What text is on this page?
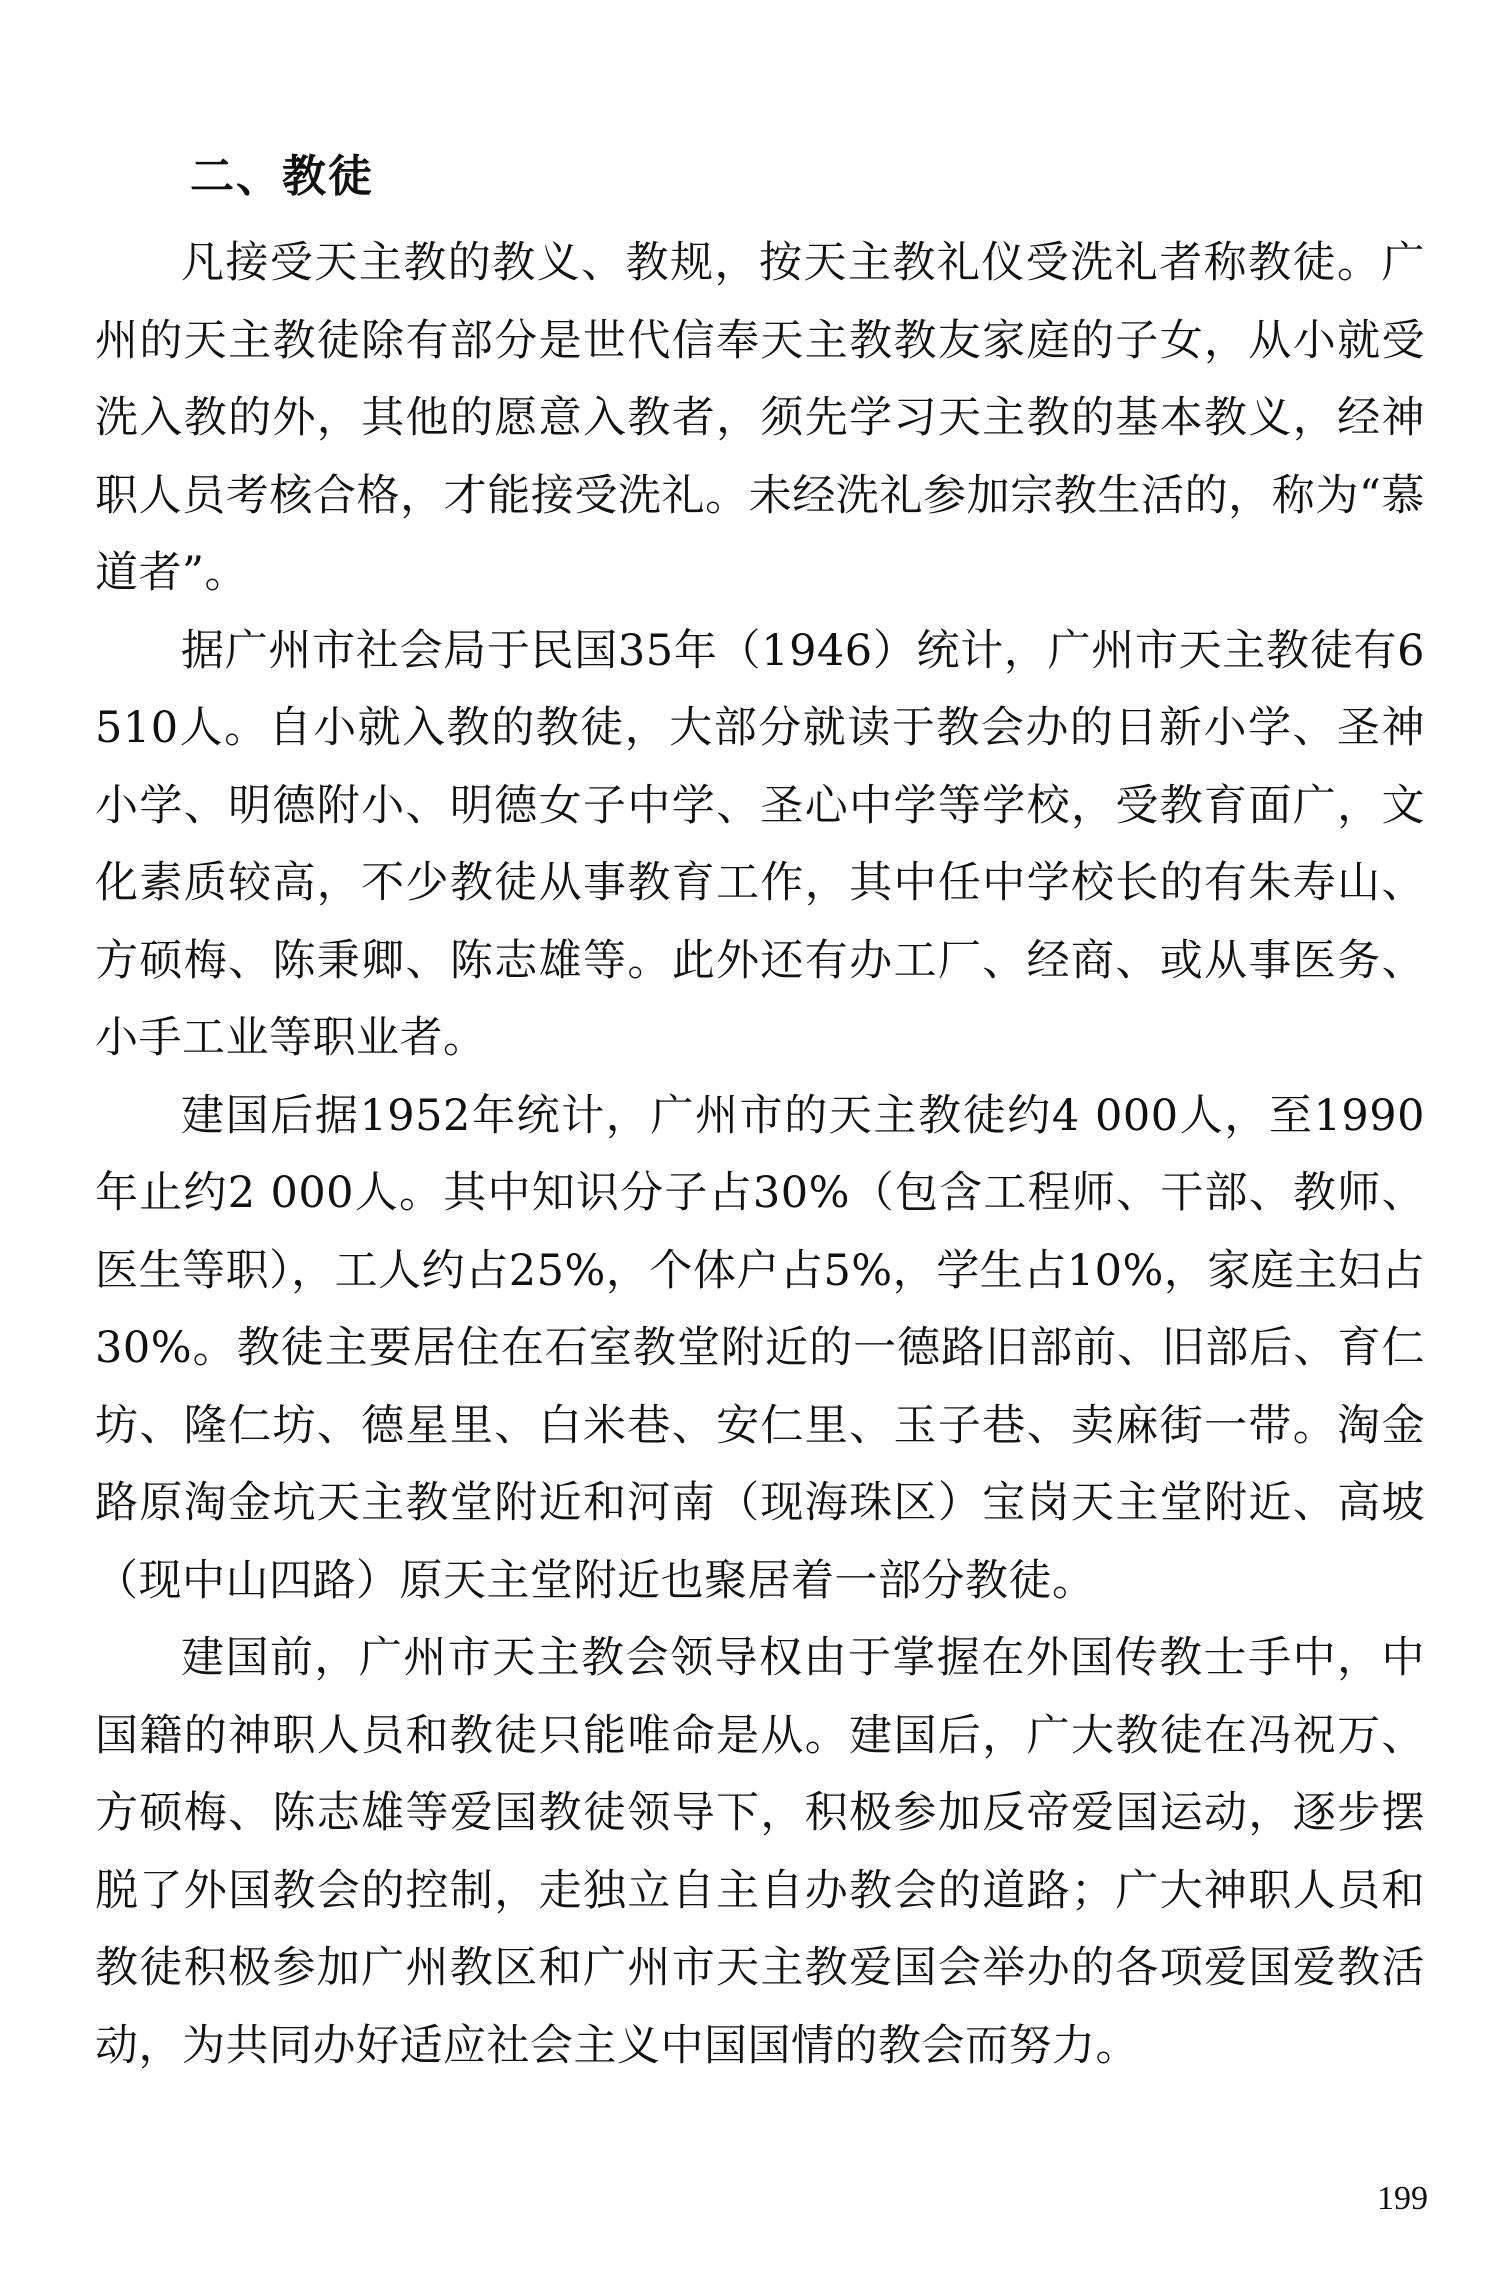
二、教徒

凡接受天主教的教义、教规，按天主教礼仪受洗礼者称教徒。广州的天主教徒除有部分是世代信奉天主教教友家庭的子女，从小就受洗入教的外，其他的愿意入教者，须先学习天主教的基本教义，经神职人员考核合格，才能接受洗礼。未经洗礼参加宗教生活的，称为“慕道者”。

据广州市社会局于民国35年（1946）统计，广州市天主教徒有6 510人。自小就入教的教徒，大部分就读于教会办的日新小学、圣神小学、明德附小、明德女子中学、圣心中学等学校，受教育面广，文化素质较高，不少教徒从事教育工作，其中任中学校长的有朱寿山、方硕梅、陈秉卿、陈志雄等。此外还有办工厂、经商、或从事医务、小手工业等职业者。

建国后据1952年统计，广州市的天主教徒约4 000人，至1990年止约2 000人。其中知识分子占30%（包含工程师、干部、教师、医生等职），工人约占25%，个体户占5%，学生占10%，家庭主妇占30%。教徒主要居住在石室教堂附近的一德路旧部前、旧部后、育仁坊、隆仁坊、德星里、白米巷、安仁里、玉子巷、卖麻街一带。淘金路原淘金坑天主教堂附近和河南（现海珠区）宝岗天主堂附近、高坡（现中山四路）原天主堂附近也聚居着一部分教徒。

建国前，广州市天主教会领导权由于掌握在外国传教士手中，中国籍的神职人员和教徒只能唯命是从。建国后，广大教徒在冯祝万、方硕梅、陈志雄等爱国教徒领导下，积极参加反帝爱国运动，逐步摆脱了外国教会的控制，走独立自主自办教会的道路；广大神职人员和教徒积极参加广州教区和广州市天主教爱国会举办的各项爱国爱教活动，为共同办好适应社会主义中国国情的教会而努力。

199
